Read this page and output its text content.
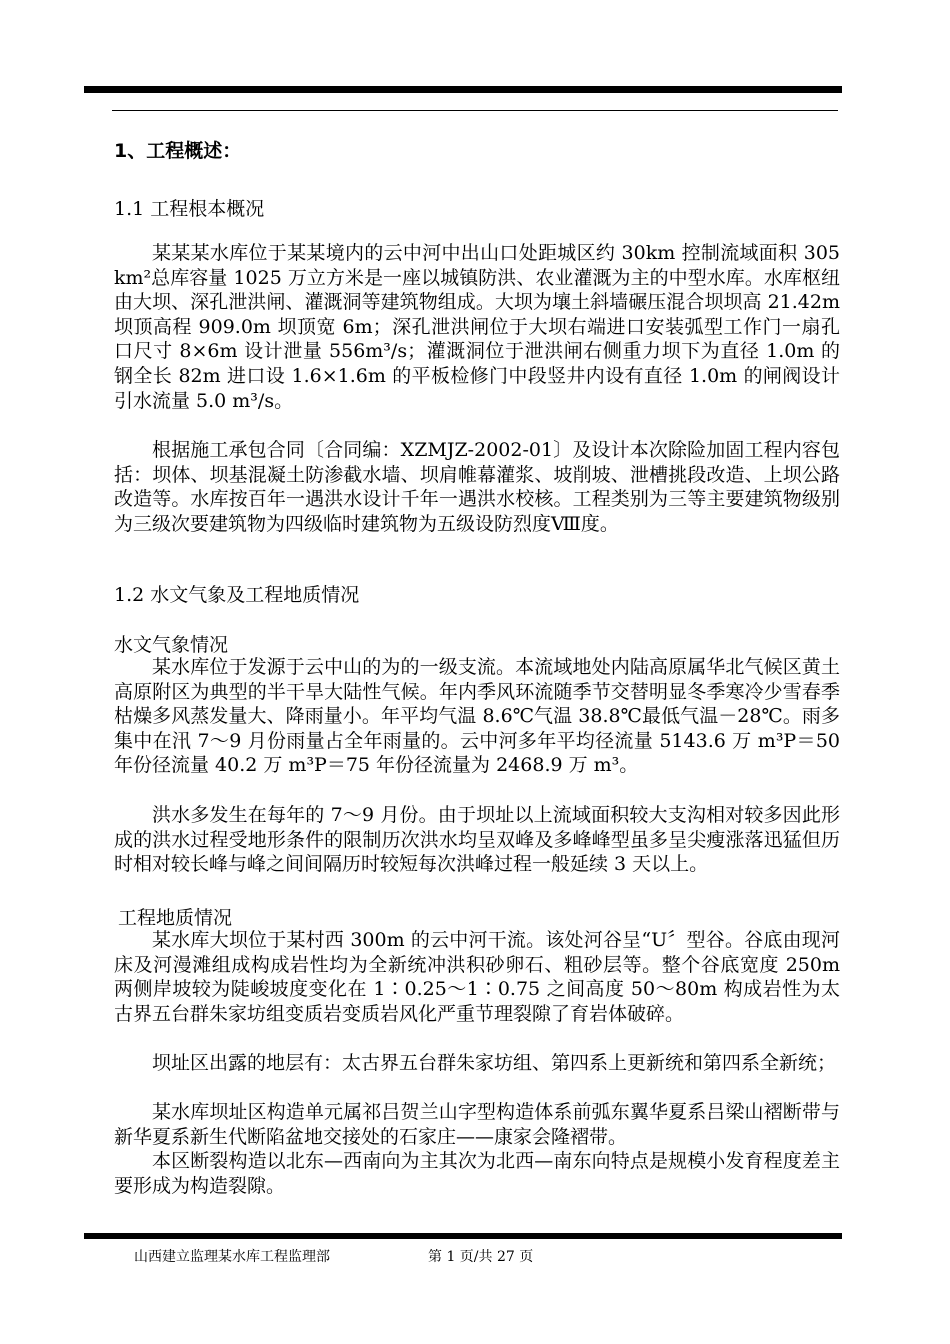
1、工程概述：
1.1 工程根本概况
某某某水库位于某某境内的云中河中出山口处距城区约 30km 控制流域面积 305 km²总库容量 1025 万立方米是一座以城镇防洪、农业灌溉为主的中型水库。水库枢纽由大坝、深孔泄洪闸、灌溉洞等建筑物组成。大坝为壤土斜墙碾压混合坝坝高 21.42m 坝顶高程 909.0m 坝顶宽 6m；深孔泄洪闸位于大坝右端进口安装弧型工作门一扇孔口尺寸 8×6m 设计泄量 556m³/s；灌溉洞位于泄洪闸右侧重力坝下为直径 1.0m 的钢全长 82m 进口设 1.6×1.6m 的平板检修门中段竖井内设有直径 1.0m 的闸阀设计引水流量 5.0 m³/s。
根据施工承包合同〔合同编：XZMJZ-2002-01〕及设计本次除险加固工程内容包括：坝体、坝基混凝土防渗截水墙、坝肩帷幕灌浆、坡削坡、泄槽挑段改造、上坝公路改造等。水库按百年一遇洪水设计千年一遇洪水校核。工程类别为三等主要建筑物级别为三级次要建筑物为四级临时建筑物为五级设防烈度Ⅷ度。
1.2 水文气象及工程地质情况
水文气象情况
某水库位于发源于云中山的为的一级支流。本流域地处内陆高原属华北气候区黄土高原附区为典型的半干旱大陆性气候。年内季风环流随季节交替明显冬季寒冷少雪春季枯燥多风蒸发量大、降雨量小。年平均气温 8.6℃气温 38.8℃最低气温－28℃。雨多集中在汛 7～9 月份雨量占全年雨量的。云中河多年平均径流量 5143.6 万 m³P＝50 年份径流量 40.2 万 m³P＝75 年份径流量为 2468.9 万 m³。
洪水多发生在每年的 7～9 月份。由于坝址以上流域面积较大支沟相对较多因此形成的洪水过程受地形条件的限制历次洪水均呈双峰及多峰峰型虽多呈尖瘦涨落迅猛但历时相对较长峰与峰之间间隔历时较短每次洪峰过程一般延续 3 天以上。
工程地质情况
某水库大坝位于某村西 300m 的云中河干流。该处河谷呈“U〞型谷。谷底由现河床及河漫滩组成构成岩性均为全新统冲洪积砂卵石、粗砂层等。整个谷底宽度 250m 两侧岸坡较为陡峻坡度变化在 1∶0.25～1∶0.75 之间高度 50～80m 构成岩性为太古界五台群朱家坊组变质岩变质岩风化严重节理裂隙了育岩体破碎。
坝址区出露的地层有：太古界五台群朱家坊组、第四系上更新统和第四系全新统；
某水库坝址区构造单元属祁吕贺兰山字型构造体系前弧东翼华夏系吕梁山褶断带与新华夏系新生代断陷盆地交接处的石家庄——康家会隆褶带。
本区断裂构造以北东—西南向为主其次为北西—南东向特点是规模小发育程度差主要形成为构造裂隙。
山西建立监理某水库工程监理部	第 1 页/共 27 页
